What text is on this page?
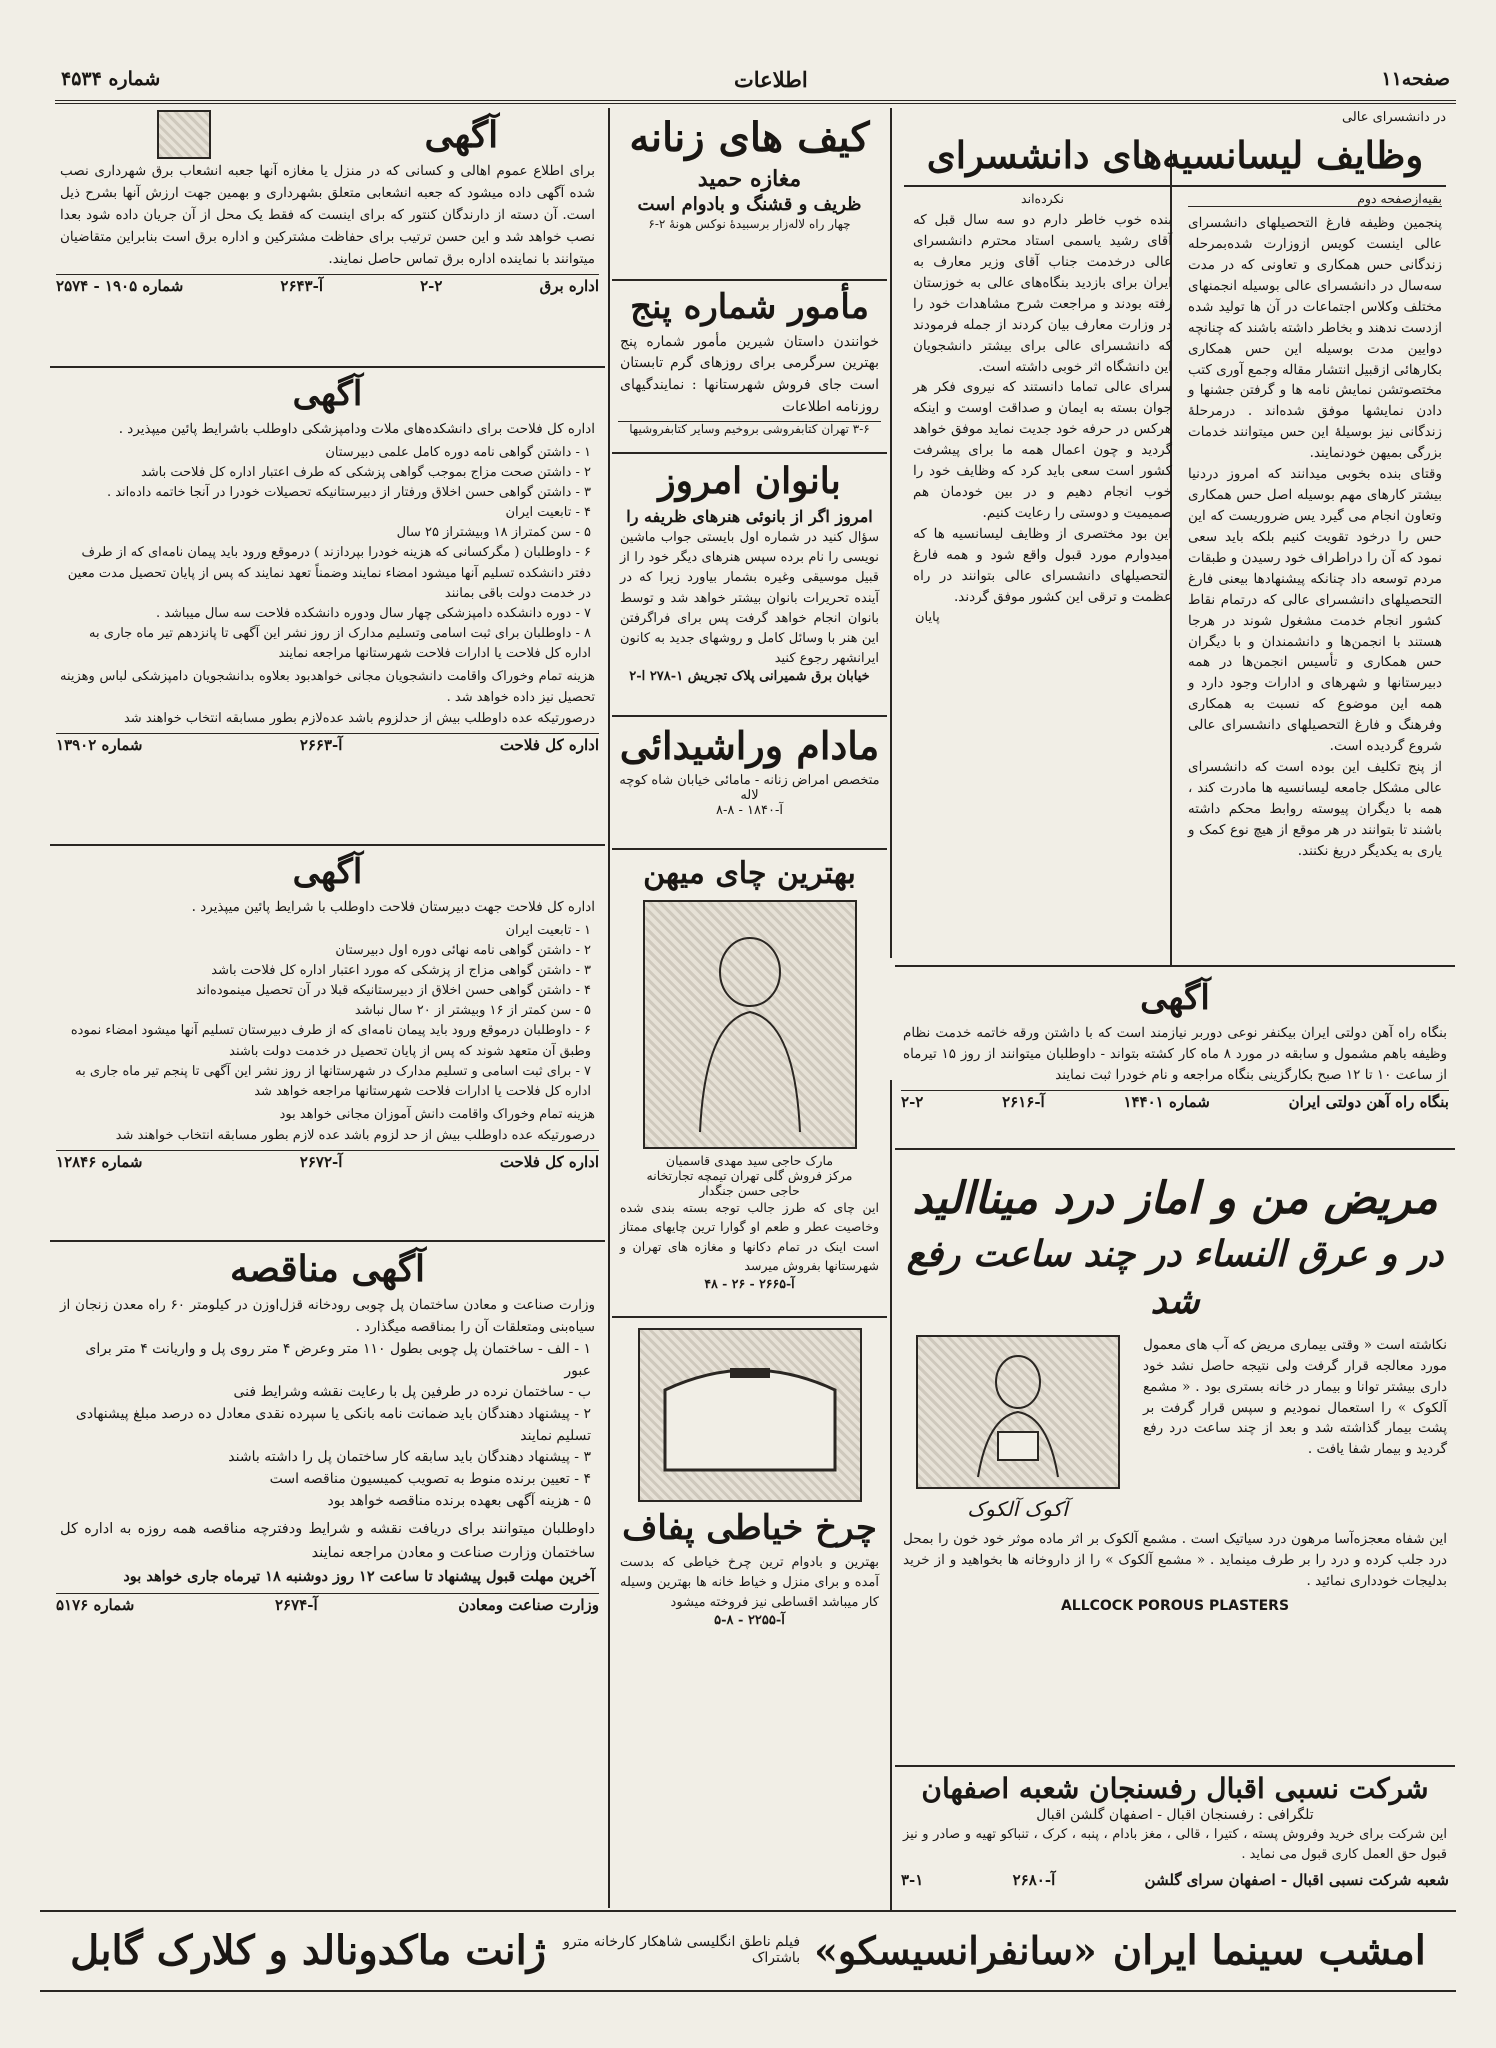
صفحه۱۱
اطلاعات
شماره ۴۵۳۴
در دانشسرای عالی
وظایف لیسانسیه‌های دانشسرای
بقیه‌ازصفحه دوم

پنجمین وظیفه فارغ التحصیلهای دانشسرای عالی اینست کویس ازوزارت شده‌بمرحله زندگانی حس همکاری و تعاونی که در مدت سه‌سال در دانشسرای عالی بوسیله انجمنهای مختلف وکلاس اجتماعات در آن ها تولید شده ازدست ندهند و بخاطر داشته باشند که چنانچه دوایین مدت بوسیله این حس همکاری بکارهائی ازقبیل انتشار مقاله وجمع آوری کتب مختصوتشن نمایش نامه ها و گرفتن جشنها و دادن نمایشها موفق شده‌اند . درمرحلهٔ زندگانی نیز بوسیلهٔ این حس میتوانند خدمات بزرگی بمیهن خودنمایند.

وقتای بنده بخوبی میدانند که امروز دردنیا بیشتر کارهای مهم بوسیله اصل حس همکاری وتعاون انجام می گیرد یس ضروریست که این حس را درخود تقویت کنیم بلکه باید سعی نمود که آن را دراطراف خود رسیدن و طبقات مردم توسعه داد چنانکه پیشنهادها بیعنی فارغ التحصیلهای دانشسرای عالی که درتمام نقاط کشور انجام خدمت مشغول شوند در هرجا هستند با انجمن‌ها و دانشمندان و با دیگران حس همکاری و تأسیس انجمن‌ها در همه دبیرستانها و شهرهای و ادارات وجود دارد و همه این موضوع که نسبت به همکاری وفرهنگ و فارغ التحصیلهای دانشسرای عالی شروع گردیده است.

از پنج تکلیف این بوده است که دانشسرای عالی مشکل جامعه لیسانسیه ها مادرت کند ، همه با دیگران پیوسته روابط محکم داشته باشند تا بتوانند در هر موقع از هیچ نوع کمک و یاری به یکدیگر دریغ نکنند.

نکرده‌اند

بنده خوب خاطر دارم دو سه سال قبل که آقای رشید یاسمی استاد محترم دانشسرای عالی درخدمت جناب آقای وزیر معارف به ایران برای بازدید بنگاه‌های عالی به خوزستان رفته بودند و مراجعت شرح مشاهدات خود را در وزارت معارف بیان کردند از جمله فرمودند که دانشسرای عالی برای بیشتر دانشجویان این دانشگاه اثر خوبی داشته است.

سرای عالی تماما دانستند که نیروی فکر هر جوان بسته به ایمان و صداقت اوست و اینکه هرکس در حرفه خود جدیت نماید موفق خواهد گردید و چون اعمال همه ما برای پیشرفت کشور است سعی باید کرد که وظایف خود را خوب انجام دهیم و در بین خودمان هم صمیمیت و دوستی را رعایت کنیم.

این بود مختصری از وظایف لیسانسیه ها که امیدوارم مورد قبول واقع شود و همه فارغ التحصیلهای دانشسرای عالی بتوانند در راه عظمت و ترقی این کشور موفق گردند.

پایان
آگهی

بنگاه راه آهن دولتی ایران بیکنفر نوعی دوربر نیازمند است که با داشتن ورقه خاتمه خدمت نظام وظیفه باهم مشمول و سابقه در مورد ۸ ماه کار کشته بتواند - داوطلبان میتوانند از روز ۱۵ تیرماه از ساعت ۱۰ تا ۱۲ صبح بکارگزینی بنگاه مراجعه و نام خودرا ثبت نمایند

بنگاه راه آهن دولتی ایران
شماره ۱۴۴۰۱
آ-۲۶۱۶
۲-۲
مریض من و اماز درد میناالید
در و عرق النساء در چند ساعت رفع شد

نکاشته است « وقتی بیماری مریض که آب های معمول مورد معالجه قرار گرفت ولی نتیجه حاصل نشد خود داری بیشتر توانا و بیمار در خانه بستری بود . « مشمع آلکوک » را استعمال نمودیم و سپس قرار گرفت بر پشت بیمار گذاشته شد و بعد از چند ساعت درد رفع گردید و بیمار شفا یافت .

آکوک آلکوک

این شفاه معجزه‌آسا مرهون درد سیاتیک است . مشمع آلکوک بر اثر ماده موثر خود خون را بمحل درد جلب کرده و درد را بر طرف مینماید . « مشمع آلکوک » را از داروخانه ها بخواهید و از خرید بدلیجات خودداری نمائید .

ALLCOCK POROUS PLASTERS
شرکت نسبی اقبال رفسنجان شعبه اصفهان
تلگرافی : رفسنجان اقبال - اصفهان گلشن اقبال

این شرکت برای خرید وفروش پسته ، کتیرا ، قالی ، مغز بادام ، پنبه ، کرک ، تنباکو تهیه و صادر و نیز قبول حق العمل کاری قبول می نماید .

شعبه شرکت نسبی اقبال - اصفهان سرای گلشن
آ-۲۶۸۰
۳-۱
کیف های زنانه
مغازه حمید
ظریف و قشنگ و بادوام است
چهار راه لاله‌زار برسبیدهٔ نوکس هونهٔ ۲-۶
مأمور شماره پنج

خوانندن داستان شیرین مأمور شماره پنج بهترین سرگرمی برای روزهای گرم تابستان است جای فروش شهرستانها : نمایندگیهای روزنامه اطلاعات

۳-۶ تهران کتابفروشی بروخیم وسایر کتابفروشیها
بانوان امروز
امروز اگر از بانوئی هنرهای ظریفه را

سؤال کنید در شماره اول بایستی جواب ماشین نویسی را نام برده سپس هنرهای دیگر خود را از قبیل موسیقی وغیره بشمار بیاورد زیرا که در آینده تحریرات بانوان بیشتر خواهد شد و توسط بانوان انجام خواهد گرفت پس برای فراگرفتن این هنر با وسائل کامل و روشهای جدید به کانون ایرانشهر رجوع کنید

خیابان برق شمیرانی پلاک تجریش ۱-۲۷۸ ا-۲
مادام وراشیدائی
متخصص امراض زنانه - مامائی خیابان شاه کوچه لاله
آ-۱۸۴۰ - ۸-۸
بهترین چای میهن
مارک حاجی سید مهدی قاسمیان
مرکز فروش گلی تهران تیمچه تجارتخانه
حاجی حسن جنگدار

این چای که طرز جالب توجه بسته بندی شده وخاصیت عطر و طعم او گوارا ترین چایهای ممتاز است اینک در تمام دکانها و مغازه های تهران و شهرستانها بفروش میرسد

آ-۲۶۶۵ - ۲۶ - ۴۸
چرخ خیاطی پفاف

بهترین و بادوام ترین چرخ خیاطی که بدست آمده و برای منزل و خیاط خانه ها بهترین وسیله کار میباشد اقساطی نیز فروخته میشود

آ-۲۲۵۵ - ۸-۵
آگهی

برای اطلاع عموم اهالی و کسانی که در منزل یا مغازه آنها جعبه انشعاب برق شهرداری نصب شده آگهی داده میشود که جعبه انشعابی متعلق بشهرداری و بهمین جهت ارزش آنها بشرح ذیل است. آن دسته از دارندگان کنتور که برای اینست که فقط یک محل از آن جریان داده شود بعدا نصب خواهد شد و این حسن ترتیب برای حفاظت مشترکین و اداره برق است بنابراین متقاضیان میتوانند با نماینده اداره برق تماس حاصل نمایند.

اداره برق
۲-۲
آ-۲۶۴۳
شماره ۱۹۰۵ - ۲۵۷۴
آگهی

اداره کل فلاحت برای دانشکده‌های ملات ودامپزشکی داوطلب باشرایط پائین میپذیرد .

۱ - داشتن گواهی نامه دوره کامل علمی دبیرستان
۲ - داشتن صحت مزاج بموجب گواهی پزشکی که طرف اعتبار اداره کل فلاحت باشد
۳ - داشتن گواهی حسن اخلاق ورفتار از دبیرستانیکه تحصیلات خودرا در آنجا خاتمه داده‌اند .
۴ - تابعیت ایران
۵ - سن کمتراز ۱۸ وبیشتراز ۲۵ سال
۶ - داوطلبان ( مگرکسانی که هزینه خودرا بپردازند ) درموقع ورود باید پیمان نامه‌ای که از طرف دفتر دانشکده تسلیم آنها میشود امضاء نمایند وضمناً تعهد نمایند که پس از پایان تحصیل مدت معین در خدمت دولت باقی بمانند
۷ - دوره دانشکده دامپزشکی چهار سال ودوره دانشکده فلاحت سه سال میباشد .
۸ - داوطلبان برای ثبت اسامی وتسلیم مدارک از روز نشر این آگهی تا پانزدهم تیر ماه جاری به اداره کل فلاحت یا ادارات فلاحت شهرستانها مراجعه نمایند

هزینه تمام وخوراک واقامت دانشجویان مجانی خواهدبود بعلاوه بدانشجویان دامپزشکی لباس وهزینه تحصیل نیز داده خواهد شد .

درصورتیکه عده داوطلب بیش از حدلزوم باشد عده‌لازم بطور مسابقه انتخاب خواهند شد

اداره کل فلاحت
آ-۲۶۶۳
شماره ۱۳۹۰۲
آگهی

اداره کل فلاحت جهت دبیرستان فلاحت داوطلب با شرایط پائین میپذیرد .

۱ - تابعیت ایران
۲ - داشتن گواهی نامه نهائی دوره اول دبیرستان
۳ - داشتن گواهی مزاج از پزشکی که مورد اعتبار اداره کل فلاحت باشد
۴ - داشتن گواهی حسن اخلاق از دبیرستانیکه قبلا در آن تحصیل مینموده‌اند
۵ - سن کمتر از ۱۶ وبیشتر از ۲۰ سال نباشد
۶ - داوطلبان درموقع ورود باید پیمان نامه‌ای که از طرف دبیرستان تسلیم آنها میشود امضاء نموده وطبق آن متعهد شوند که پس از پایان تحصیل در خدمت دولت باشند
۷ - برای ثبت اسامی و تسلیم مدارک در شهرستانها از روز نشر این آگهی تا پنجم تیر ماه جاری به اداره کل فلاحت یا ادارات فلاحت شهرستانها مراجعه خواهد شد

هزینه تمام وخوراک واقامت دانش آموزان مجانی خواهد بود

درصورتیکه عده داوطلب بیش از حد لزوم باشد عده لازم بطور مسابقه انتخاب خواهند شد

اداره کل فلاحت
آ-۲۶۷۲
شماره ۱۲۸۴۶
آگهی مناقصه

وزارت صناعت و معادن ساختمان پل چوبی رودخانه قزل‌اوزن در کیلومتر ۶۰ راه معدن زنجان از سیاه‌بنی ومتعلقات آن را بمناقصه میگذارد .

۱ - الف - ساختمان پل چوبی بطول ۱۱۰ متر وعرض ۴ متر روی پل و واریانت ۴ متر برای عبور
ب - ساختمان نرده در طرفین پل با رعایت نقشه وشرایط فنی
۲ - پیشنهاد دهندگان باید ضمانت نامه بانکی یا سپرده نقدی معادل ده درصد مبلغ پیشنهادی تسلیم نمایند
۳ - پیشنهاد دهندگان باید سابقه کار ساختمان پل را داشته باشند
۴ - تعیین برنده منوط به تصویب کمیسیون مناقصه است
۵ - هزینه آگهی بعهده برنده مناقصه خواهد بود

داوطلبان میتوانند برای دریافت نقشه و شرایط ودفترچه مناقصه همه روزه به اداره کل ساختمان وزارت صناعت و معادن مراجعه نمایند

آخرین مهلت قبول پیشنهاد تا ساعت ۱۲ روز دوشنبه ۱۸ تیرماه جاری خواهد بود

وزارت صناعت ومعادن
آ-۲۶۷۴
شماره ۵۱۷۶
امشب سینما ایران
«سانفرانسیسکو»
فیلم ناطق انگلیسی شاهکار کارخانه مترو باشتراک
ژانت ماکدونالد و کلارک گابل
